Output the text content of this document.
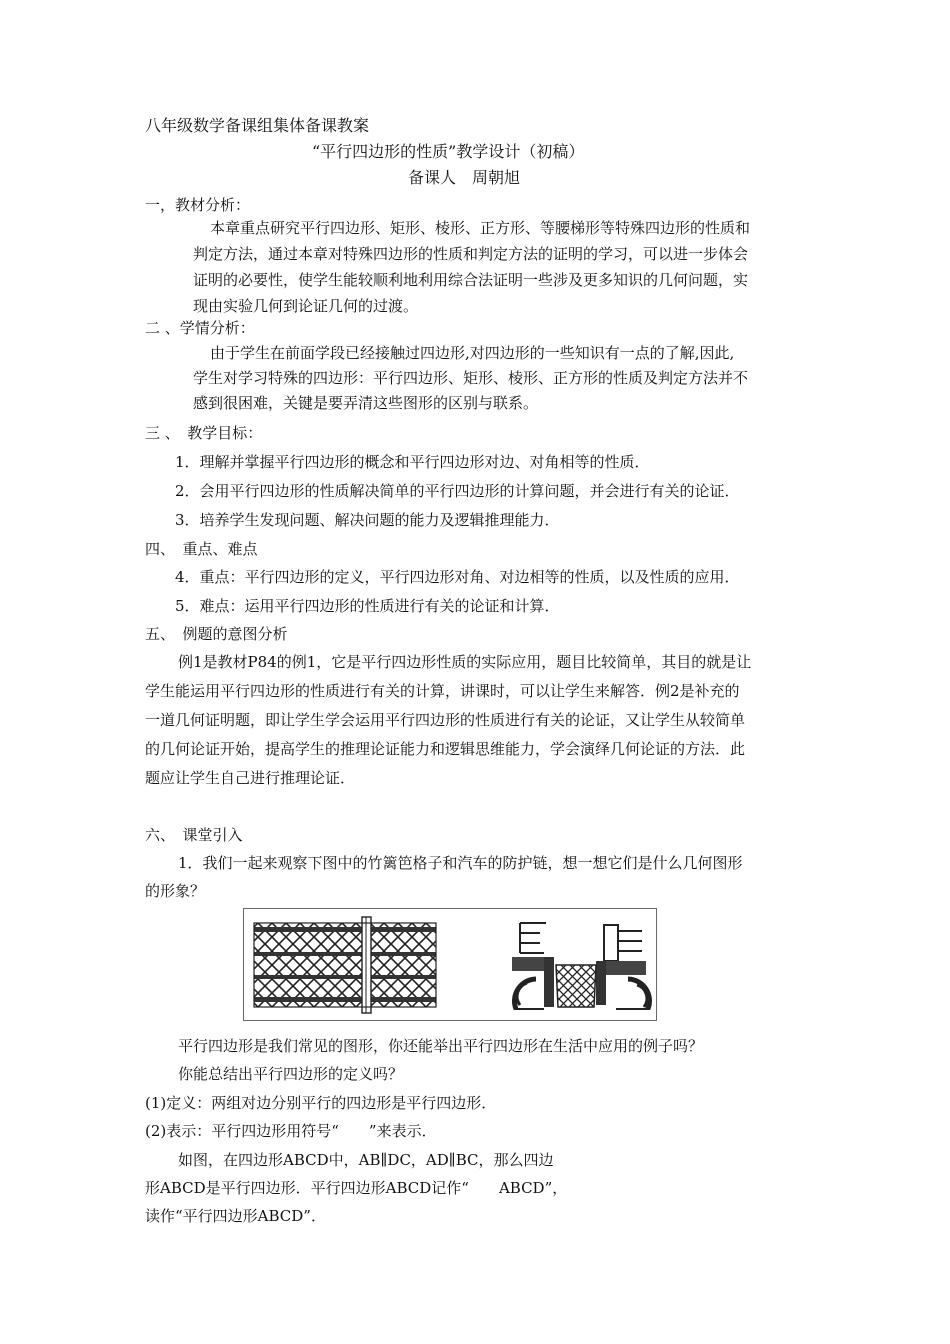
八年级数学备课组集体备课教案
“平行四边形的性质”教学设计（初稿）
备课人　周朝旭
一，教材分析：
本章重点研究平行四边形、矩形、棱形、正方形、等腰梯形等特殊四边形的性质和
判定方法，通过本章对特殊四边形的性质和判定方法的证明的学习，可以进一步体会
证明的必要性，使学生能较顺利地利用综合法证明一些涉及更多知识的几何问题，实
现由实验几何到论证几何的过渡。
二 、学情分析：
由于学生在前面学段已经接触过四边形,对四边形的一些知识有一点的了解,因此,
学生对学习特殊的四边形：平行四边形、矩形、棱形、正方形的性质及判定方法并不
感到很困难，关键是要弄清这些图形的区别与联系。
三 、　教学目标：
1．理解并掌握平行四边形的概念和平行四边形对边、对角相等的性质．
2．会用平行四边形的性质解决简单的平行四边形的计算问题，并会进行有关的论证．
3．培养学生发现问题、解决问题的能力及逻辑推理能力．
四、　重点、难点
4．重点：平行四边形的定义，平行四边形对角、对边相等的性质，以及性质的应用．
5．难点：运用平行四边形的性质进行有关的论证和计算．
五、　例题的意图分析
例1是教材P84的例1，它是平行四边形性质的实际应用，题目比较简单，其目的就是让
学生能运用平行四边形的性质进行有关的计算，讲课时，可以让学生来解答．例2是补充的
一道几何证明题，即让学生学会运用平行四边形的性质进行有关的论证，又让学生从较简单
的几何论证开始，提高学生的推理论证能力和逻辑思维能力，学会演绎几何论证的方法．此
题应让学生自己进行推理论证．
六、　课堂引入
1．我们一起来观察下图中的竹篱笆格子和汽车的防护链，想一想它们是什么几何图形
的形象？
平行四边形是我们常见的图形，你还能举出平行四边形在生活中应用的例子吗？
你能总结出平行四边形的定义吗？
(1)定义：两组对边分别平行的四边形是平行四边形．
(2)表示：平行四边形用符号“　　”来表示．
如图，在四边形ABCD中，AB∥DC，AD∥BC，那么四边
形ABCD是平行四边形．平行四边形ABCD记作“　　ABCD”，
读作“平行四边形ABCD”．
